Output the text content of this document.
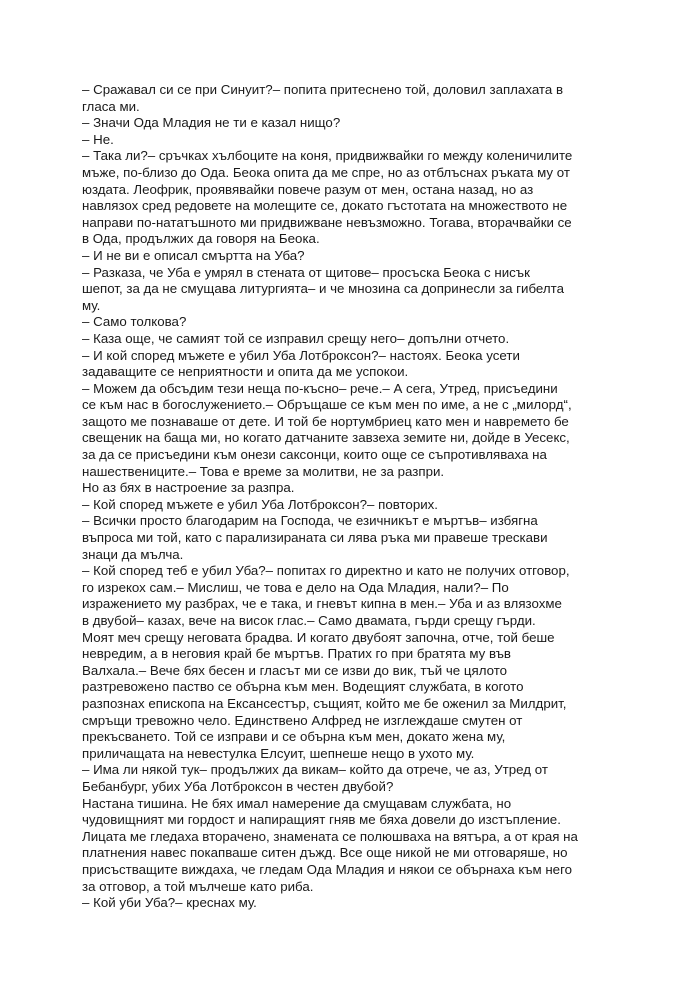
– Сражавал си се при Синуит?– попита притеснено той, доловил заплахата в
гласа ми.
– Значи Ода Младия не ти е казал нищо?
– Не.
– Така ли?– сръчках хълбоците на коня, придвижвайки го между коленичилите
мъже, по-близо до Ода. Беока опита да ме спре, но аз отблъснах ръката му от
юздата. Леофрик, проявявайки повече разум от мен, остана назад, но аз
навлязох сред редовете на молещите се, докато гъстотата на множеството не
направи по-нататъшното ми придвижване невъзможно. Тогава, вторачвайки се
в Ода, продължих да говоря на Беока.
– И не ви е описал смъртта на Уба?
– Разказа, че Уба е умрял в стената от щитове– просъска Беока с нисък
шепот, за да не смущава литургията– и че мнозина са допринесли за гибелта
му.
– Само толкова?
– Каза още, че самият той се изправил срещу него– допълни отчето.
– И кой според мъжете е убил Уба Лотброксон?– настоях. Беока усети
задаващите се неприятности и опита да ме успокои.
– Можем да обсъдим тези неща по-късно– рече.– А сега, Утред, присъедини
се към нас в богослужението.– Обръщаше се към мен по име, а не с „милорд“,
защото ме познаваше от дете. И той бе нортумбриец като мен и навремето бе
свещеник на баща ми, но когато датчаните завзеха земите ни, дойде в Уесекс,
за да се присъедини към онези саксонци, които още се съпротивляваха на
нашествениците.– Това е време за молитви, не за разпри.
Но аз бях в настроение за разпра.
– Кой според мъжете е убил Уба Лотброксон?– повторих.
– Всички просто благодарим на Господа, че езичникът е мъртъв– избягна
въпроса ми той, като с парализираната си лява ръка ми правеше трескави
знаци да мълча.
– Кой според теб е убил Уба?– попитах го директно и като не получих отговор,
го изрекох сам.– Мислиш, че това е дело на Ода Младия, нали?– По
изражението му разбрах, че е така, и гневът кипна в мен.– Уба и аз влязохме
в двубой– казах, вече на висок глас.– Само двамата, гърди срещу гърди.
Моят меч срещу неговата брадва. И когато двубоят започна, отче, той беше
невредим, а в неговия край бе мъртъв. Пратих го при братята му във
Валхала.– Вече бях бесен и гласът ми се изви до вик, тъй че цялото
разтревожено паство се обърна към мен. Водещият службата, в когото
разпознах епископа на Ексансестър, същият, който ме бе оженил за Милдрит,
смръщи тревожно чело. Единствено Алфред не изглеждаше смутен от
прекъсването. Той се изправи и се обърна към мен, докато жена му,
приличащата на невестулка Елсуит, шепнеше нещо в ухото му.
– Има ли някой тук– продължих да викам– който да отрече, че аз, Утред от
Бебанбург, убих Уба Лотброксон в честен двубой?
Настана тишина. Не бях имал намерение да смущавам службата, но
чудовищният ми гордост и напиращият гняв ме бяха довели до изстъпление.
Лицата ме гледаха вторачено, знамената се полюшваха на вятъра, а от края на
платнения навес покапваше ситен дъжд. Все още никой не ми отговаряше, но
присъстващите виждаха, че гледам Ода Младия и някои се обърнаха към него
за отговор, а той мълчеше като риба.
– Кой уби Уба?– креснах му.
